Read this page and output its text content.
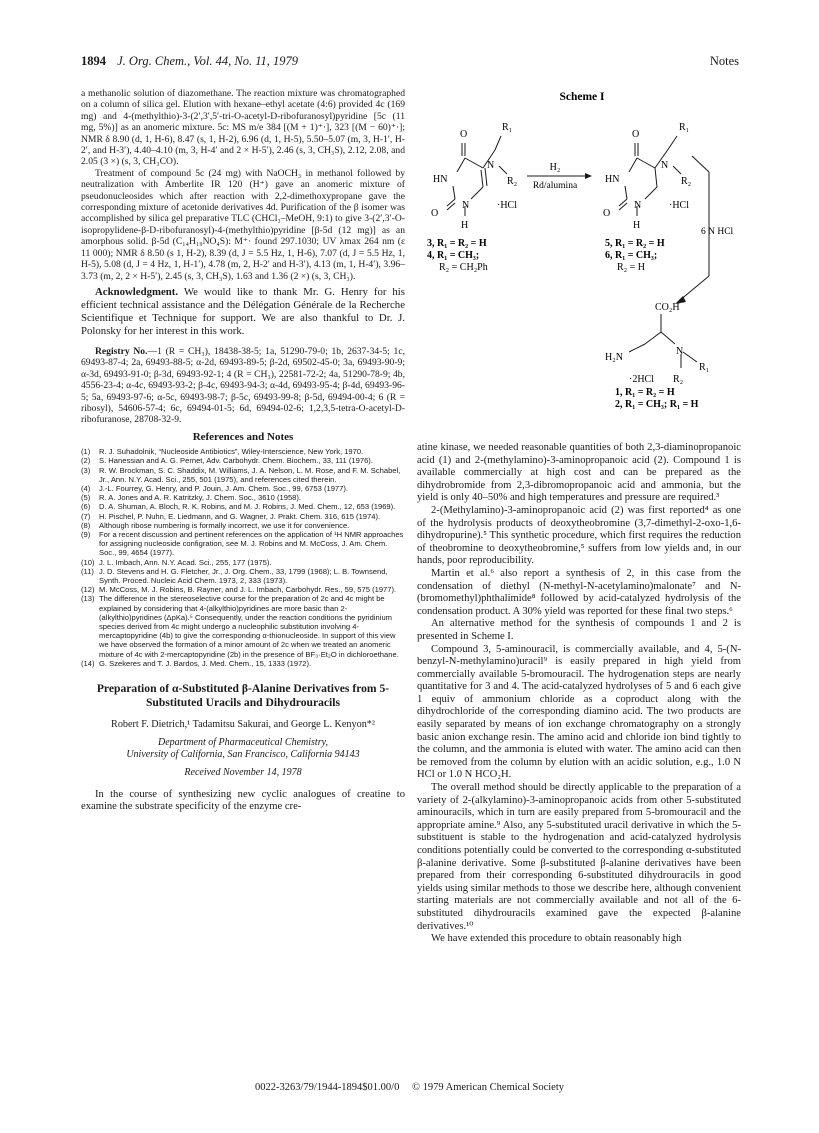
1894 J. Org. Chem., Vol. 44, No. 11, 1979	Notes

a methanolic solution of diazomethane. The reaction mixture was chromatographed on a column of silica gel. Elution with hexane–ethyl acetate (4:6) provided 4c (169 mg) and 4-(methylthio)-3-(2′,3′,5′-tri-O-acetyl-D-ribofuranosyl)pyridine [5c (11 mg, 5%)] as an anomeric mixture. 5c: MS m/e 384 [(M + 1)⁺·], 323 [(M − 60)⁺·]; NMR δ 8.90 (d, 1, H-6), 8.47 (s, 1, H-2), 6.96 (d, 1, H-5), 5.50–5.07 (m, 3, H-1′, H-2′, and H-3′), 4.40–4.10 (m, 3, H-4′ and 2 × H-5′), 2.46 (s, 3, CH₃S), 2.12, 2.08, and 2.05 (3 ×) (s, 3, CH₃CO).

Treatment of compound 5c (24 mg) with NaOCH₃ in methanol followed by neutralization with Amberlite IR 120 (H⁺) gave an anomeric mixture of pseudonucleosides which after reaction with 2,2-dimethoxypropane gave the corresponding mixture of acetonide derivatives 4d. Purification of the β isomer was accomplished by silica gel preparative TLC (CHCl₃–MeOH, 9:1) to give 3-(2′,3′-O-isopropylidene-β-D-ribofuranosyl)-4-(methylthio)pyridine [β-5d (12 mg)] as an amorphous solid. β-5d (C₁₄H₁₉NO₄S): M⁺· found 297.1030; UV λmax 264 nm (ε 11 000); NMR δ 8.50 (s 1, H-2), 8.39 (d, J = 5.5 Hz, 1, H-6), 7.07 (d, J = 5.5 Hz, 1, H-5), 5.08 (d, J = 4 Hz, 1, H-1′), 4.78 (m, 2, H-2′ and H-3′), 4.13 (m, 1, H-4′), 3.96–3.73 (m, 2, 2 × H-5′), 2.45 (s, 3, CH₃S), 1.63 and 1.36 (2 ×) (s, 3, CH₃).

Acknowledgment. We would like to thank Mr. G. Henry for his efficient technical assistance and the Délégation Générale de la Recherche Scientifique et Technique for support. We are also thankful to Dr. J. Polonsky for her interest in this work.

Registry No.—1 (R = CH₃), 18438-38-5; 1a, 51290-79-0; 1b, 2637-34-5; 1c, 69493-87-4; 2a, 69493-88-5; α-2d, 69493-89-5; β-2d, 69502-45-0; 3a, 69493-90-9; α-3d, 69493-91-0; β-3d, 69493-92-1; 4 (R = CH₃), 22581-72-2; 4a, 51290-78-9; 4b, 4556-23-4; α-4c, 69493-93-2; β-4c, 69493-94-3; α-4d, 69493-95-4; β-4d, 69493-96-5; 5a, 69493-97-6; α-5c, 69493-98-7; β-5c, 69493-99-8; β-5d, 69494-00-4; 6 (R = ribosyl), 54606-57-4; 6c, 69494-01-5; 6d, 69494-02-6; 1,2,3,5-tetra-O-acetyl-D-ribofuranose, 28708-32-9.

References and Notes
(1)	R. J. Suhadolnik, “Nucleoside Antibiotics”, Wiley-Interscience, New York, 1970.
(2)	S. Hanessian and A. G. Pernet, Adv. Carbohydr. Chem. Biochem., 33, 111 (1976).
(3)	R. W. Brockman, S. C. Shaddix, M. Williams, J. A. Nelson, L. M. Rose, and F. M. Schabel, Jr., Ann. N.Y. Acad. Sci., 255, 501 (1975), and references cited therein.
(4)	J.-L. Fourrey, G. Henry, and P. Jouin, J. Am. Chem. Soc., 99, 6753 (1977).
(5)	R. A. Jones and A. R. Katritzky, J. Chem. Soc., 3610 (1958).
(6)	D. A. Shuman, A. Bloch, R. K. Robins, and M. J. Robins, J. Med. Chem., 12, 653 (1969).
(7)	H. Pischel, P. Nuhn, E. Liedmann, and G. Wagner, J. Prakt. Chem. 316, 615 (1974).
(8)	Although ribose numbering is formally incorrect, we use it for convenience.
(9)	For a recent discussion and pertinent references on the application of ¹H NMR approaches for assigning nucleoside configration, see M. J. Robins and M. McCoss, J. Am. Chem. Soc., 99, 4654 (1977).
(10) J. L. Imbach, Ann. N.Y. Acad. Sci., 255, 177 (1975).
(11) J. D. Stevens and H. G. Fletcher, Jr., J. Org. Chem., 33, 1799 (1968); L. B. Townsend, Synth. Proced. Nucleic Acid Chem. 1973, 2, 333 (1973).
(12) M. McCoss, M. J. Robins, B. Rayner, and J. L. Imbach, Carbohydr. Res., 59, 575 (1977).
(13) The difference in the stereoselective course for the preparation of 2c and 4c might be explained by considering that 4-(alkylthio)pyridines are more basic than 2-(alkylthio)pyridines (ΔpKa).⁵ Consequently, under the reaction conditions the pyridinium species derived from 4c might undergo a nucleophilic substitution involving 4-mercaptopyridine (4b) to give the corresponding α-thionucleoside. In support of this view we have observed the formation of a minor amount of 2c when we treated an anomeric mixture of 4c with 2-mercaptopyridine (2b) in the presence of BF₃·Et₂O in dichloroethane.
(14) G. Szekeres and T. J. Bardos, J. Med. Chem., 15, 1333 (1972).
Preparation of α-Substituted β-Alanine Derivatives from 5-Substituted Uracils and Dihydrouracils
Robert F. Dietrich,¹ Tadamitsu Sakurai, and George L. Kenyon*²
Department of Pharmaceutical Chemistry,
University of California, San Francisco, California 94143
Received November 14, 1978

In the course of synthesizing new cyclic analogues of creatine to examine the substrate specificity of the enzyme cre-

Scheme I
O
R₁
N
R₂
HN
O
N	·HCl
H
H₂
Rd/alumina
O
R₁
N
R₂
HN
O
N	·HCl
H
3, R₁ = R₂ = H
4, R₁ = CH₃;
R₂ = CH₂Ph
5, R₁ = R₂ = H
6, R₁ = CH₃;
R₂ = H
6 N HCl
CO₂H
H₂N
N
R₁
·2HCl R₂
1, R₁ = R₂ = H
2, R₁ = CH₃; R₁ = H

atine kinase, we needed reasonable quantities of both 2,3-diaminopropanoic acid (1) and 2-(methylamino)-3-aminopropanoic acid (2). Compound 1 is available commercially at high cost and can be prepared as the dihydrobromide from 2,3-dibromopropanoic acid and ammonia, but the yield is only 40–50% and high temperatures and pressure are required.³

2-(Methylamino)-3-aminopropanoic acid (2) was first reported⁴ as one of the hydrolysis products of deoxytheobromine (3,7-dimethyl-2-oxo-1,6-dihydropurine).⁵ This synthetic procedure, which first requires the reduction of theobromine to deoxytheobromine,⁵ suffers from low yields and, in our hands, poor reproducibility.

Martin et al.⁶ also report a synthesis of 2, in this case from the condensation of diethyl (N-methyl-N-acetylamino)malonate⁷ and N-(bromomethyl)phthalimide⁸ followed by acid-catalyzed hydrolysis of the condensation product. A 30% yield was reported for these final two steps.⁶

An alternative method for the synthesis of compounds 1 and 2 is presented in Scheme I.

Compound 3, 5-aminouracil, is commercially available, and 4, 5-(N-benzyl-N-methylamino)uracil⁹ is easily prepared in high yield from commercially available 5-bromouracil. The hydrogenation steps are nearly quantitative for 3 and 4. The acid-catalyzed hydrolyses of 5 and 6 each give 1 equiv of ammonium chloride as a coproduct along with the dihydrochloride of the corresponding diamino acid. The two products are easily separated by means of ion exchange chromatography on a strongly basic anion exchange resin. The amino acid and chloride ion bind tightly to the column, and the ammonia is eluted with water. The amino acid can then be removed from the column by elution with an acidic solution, e.g., 1.0 N HCl or 1.0 N HCO₂H.

The overall method should be directly applicable to the preparation of a variety of 2-(alkylamino)-3-aminopropanoic acids from other 5-substituted aminouracils, which in turn are easily prepared from 5-bromouracil and the appropriate amine.⁹ Also, any 5-substituted uracil derivative in which the 5-substituent is stable to the hydrogenation and acid-catalyzed hydrolysis conditions potentially could be converted to the corresponding α-substituted β-alanine derivative. Some β-substituted β-alanine derivatives have been prepared from their corresponding 6-substituted dihydrouracils in good yields using similar methods to those we describe here, although convenient starting materials are not commercially available and not all of the 6-substituted dihydrouracils examined gave the expected β-alanine derivatives.¹⁰

We have extended this procedure to obtain reasonably high

0022-3263/79/1944-1894$01.00/0 © 1979 American Chemical Society
